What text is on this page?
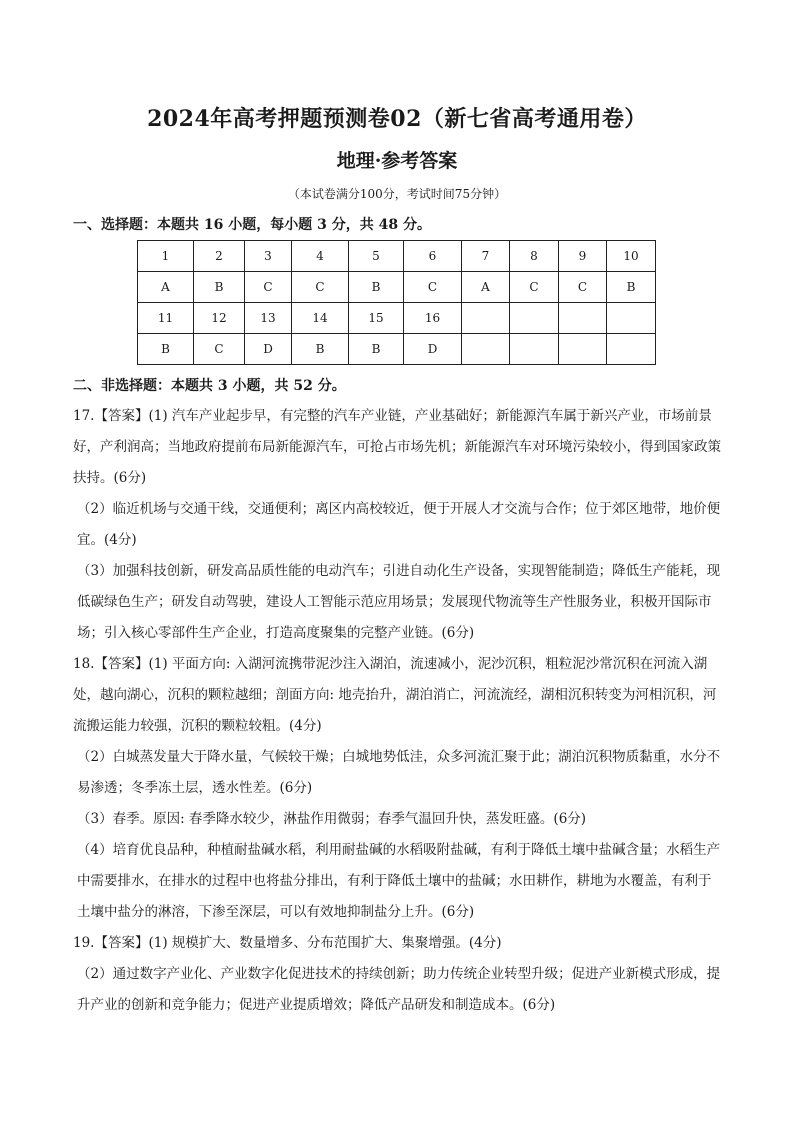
2024年高考押题预测卷02（新七省高考通用卷）
地理·参考答案

（本试卷满分100分，考试时间75分钟）

一、选择题：本题共 16 小题，每小题 3 分，共 48 分。

1	2	3	4	5	6	7	8	9	10
A	B	C	C	B	C	A	C	C	B
11	12	13	14	15	16				
B	C	D	B	B	D				

二、非选择题：本题共 3 小题，共 52 分。

17.【答案】(1) 汽车产业起步早，有完整的汽车产业链，产业基础好；新能源汽车属于新兴产业，市场前景好，产利润高；当地政府提前布局新能源汽车，可抢占市场先机；新能源汽车对环境污染较小，得到国家政策扶持。(6分)

（2）临近机场与交通干线，交通便利；离区内高校较近，便于开展人才交流与合作；位于郊区地带，地价便宜。(4分)

（3）加强科技创新，研发高品质性能的电动汽车；引进自动化生产设备，实现智能制造；降低生产能耗，现低碳绿色生产；研发自动驾驶，建设人工智能示范应用场景；发展现代物流等生产性服务业，积极开国际市场；引入核心零部件生产企业，打造高度聚集的完整产业链。(6分)

18.【答案】(1) 平面方向: 入湖河流携带泥沙注入湖泊，流速减小，泥沙沉积，粗粒泥沙常沉积在河流入湖处，越向湖心，沉积的颗粒越细；剖面方向: 地壳抬升，湖泊消亡，河流流经，湖相沉积转变为河相沉积，河流搬运能力较强，沉积的颗粒较粗。(4分)

（2）白城蒸发量大于降水量，气候较干燥；白城地势低洼，众多河流汇聚于此；湖泊沉积物质黏重，水分不易渗透；冬季冻土层，透水性差。(6分)

（3）春季。原因: 春季降水较少，淋盐作用微弱；春季气温回升快，蒸发旺盛。(6分)

（4）培育优良品种，种植耐盐碱水稻，利用耐盐碱的水稻吸附盐碱，有利于降低土壤中盐碱含量；水稻生产中需要排水，在排水的过程中也将盐分排出，有利于降低土壤中的盐碱；水田耕作，耕地为水覆盖，有利于土壤中盐分的淋溶，下渗至深层，可以有效地抑制盐分上升。(6分)

19.【答案】(1) 规模扩大、数量增多、分布范围扩大、集聚增强。(4分)

（2）通过数字产业化、产业数字化促进技术的持续创新；助力传统企业转型升级；促进产业新模式形成，提升产业的创新和竞争能力；促进产业提质增效；降低产品研发和制造成本。(6分)
